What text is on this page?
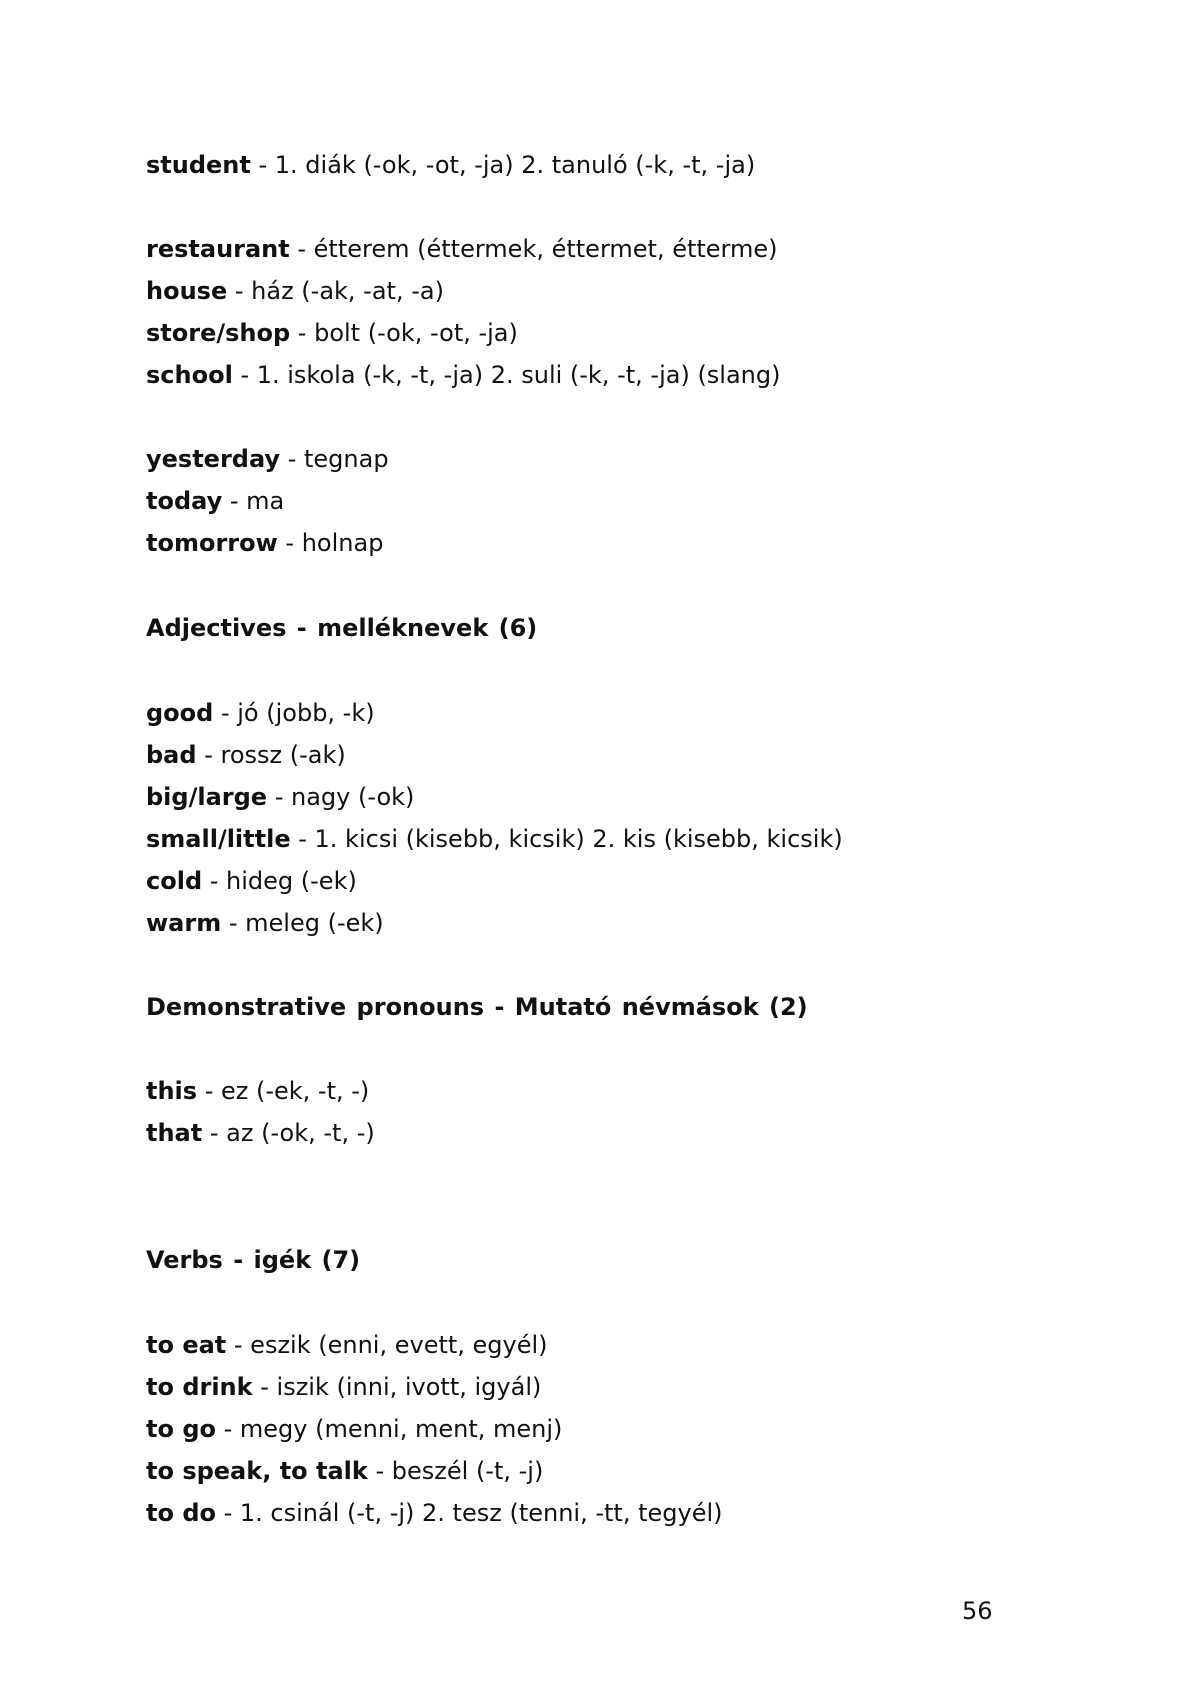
student - 1. diák (-ok, -ot, -ja) 2. tanuló (-k, -t, -ja)
restaurant - étterem (éttermek, éttermet, étterme)
house - ház (-ak, -at, -a)
store/shop - bolt (-ok, -ot, -ja)
school - 1. iskola (-k, -t, -ja) 2. suli (-k, -t, -ja) (slang)
yesterday - tegnap
today - ma
tomorrow - holnap
Adjectives - melléknevek (6)
good - jó (jobb, -k)
bad - rossz (-ak)
big/large - nagy (-ok)
small/little - 1. kicsi (kisebb, kicsik) 2. kis (kisebb, kicsik)
cold - hideg (-ek)
warm - meleg (-ek)
Demonstrative pronouns - Mutató névmások (2)
this - ez (-ek, -t, -)
that - az (-ok, -t, -)
Verbs - igék (7)
to eat - eszik (enni, evett, egyél)
to drink - iszik (inni, ivott, igyál)
to go - megy (menni, ment, menj)
to speak, to talk - beszél (-t, -j)
to do - 1. csinál (-t, -j) 2. tesz (tenni, -tt, tegyél)
56
